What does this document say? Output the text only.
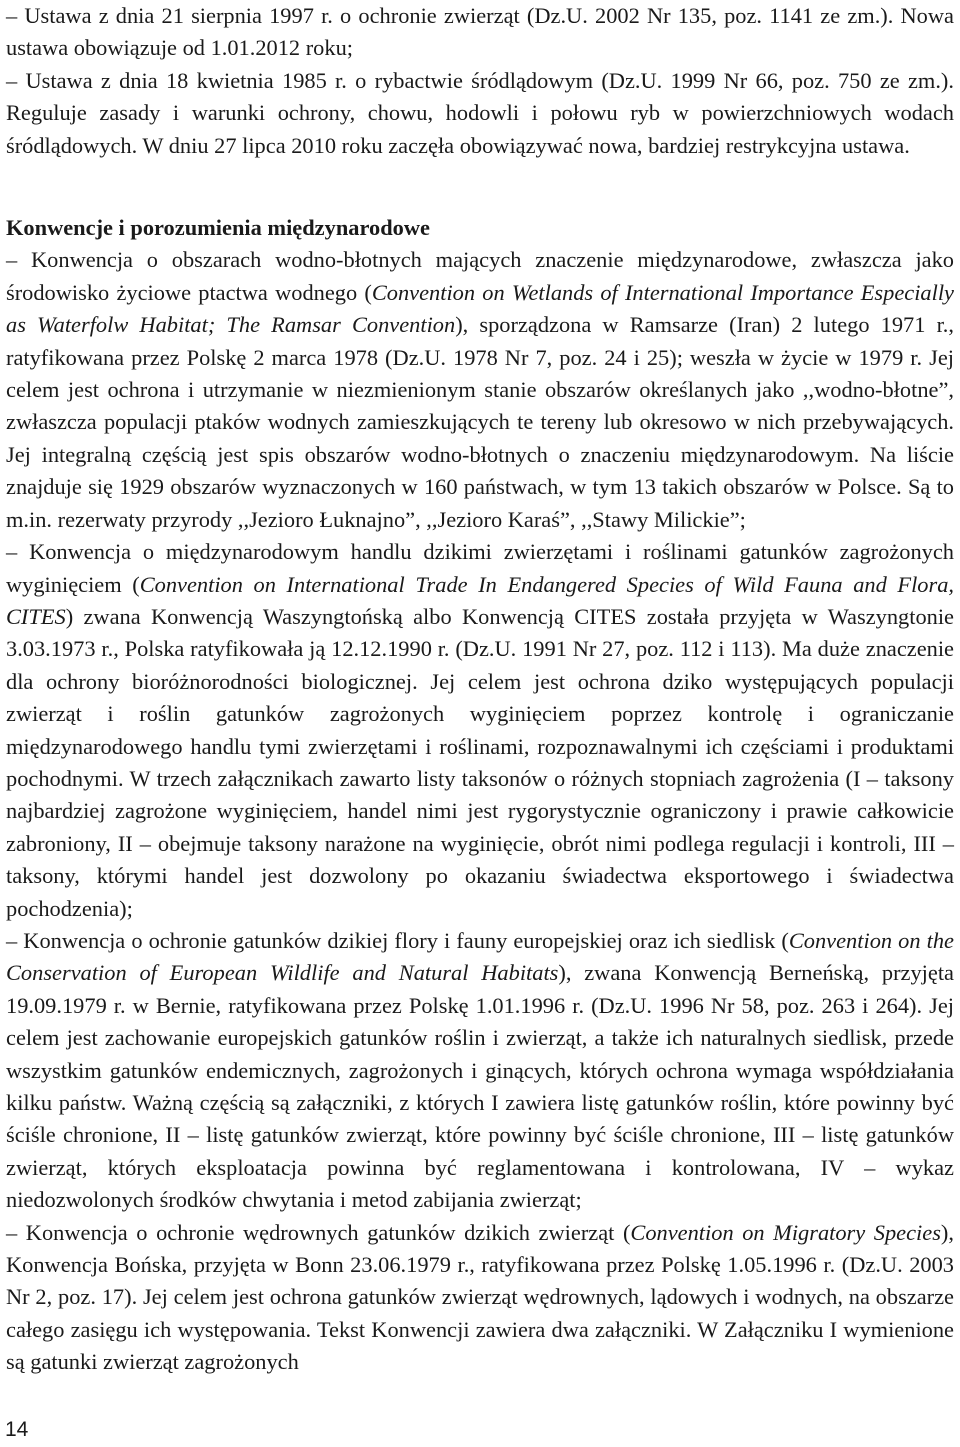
– Ustawa z dnia 21 sierpnia 1997 r. o ochronie zwierząt (Dz.U. 2002 Nr 135, poz. 1141 ze zm.). Nowa ustawa obowiązuje od 1.01.2012 roku;

– Ustawa z dnia 18 kwietnia 1985 r. o rybactwie śródlądowym (Dz.U. 1999 Nr 66, poz. 750 ze zm.). Reguluje zasady i warunki ochrony, chowu, hodowli i połowu ryb w powierzchniowych wodach śródlądowych. W dniu 27 lipca 2010 roku zaczęła obowiązywać nowa, bardziej restrykcyjna ustawa.

Konwencje i porozumienia międzynarodowe

– Konwencja o obszarach wodno-błotnych mających znaczenie międzynarodowe, zwłaszcza jako środowisko życiowe ptactwa wodnego (Convention on Wetlands of International Importance Especially as Waterfolw Habitat; The Ramsar Convention), sporządzona w Ramsarze (Iran) 2 lutego 1971 r., ratyfikowana przez Polskę 2 marca 1978 (Dz.U. 1978 Nr 7, poz. 24 i 25); weszła w życie w 1979 r. Jej celem jest ochrona i utrzymanie w niezmienionym stanie obszarów określanych jako ,,wodno-błotne”, zwłaszcza populacji ptaków wodnych zamieszkujących te tereny lub okresowo w nich przebywających. Jej integralną częścią jest spis obszarów wodno-błotnych o znaczeniu międzynarodowym. Na liście znajduje się 1929 obszarów wyznaczonych w 160 państwach, w tym 13 takich obszarów w Polsce. Są to m.in. rezerwaty przyrody ,,Jezioro Łuknajno”, ,,Jezioro Karaś”, ,,Stawy Milickie”;

– Konwencja o międzynarodowym handlu dzikimi zwierzętami i roślinami gatunków zagrożonych wyginięciem (Convention on International Trade In Endangered Species of Wild Fauna and Flora, CITES) zwana Konwencją Waszyngtońską albo Konwencją CITES została przyjęta w Waszyngtonie 3.03.1973 r., Polska ratyfikowała ją 12.12.1990 r. (Dz.U. 1991 Nr 27, poz. 112 i 113). Ma duże znaczenie dla ochrony bioróżnorodności biologicznej. Jej celem jest ochrona dziko występujących populacji zwierząt i roślin gatunków zagrożonych wyginięciem poprzez kontrolę i ograniczanie międzynarodowego handlu tymi zwierzętami i roślinami, rozpoznawalnymi ich częściami i produktami pochodnymi. W trzech załącznikach zawarto listy taksonów o różnych stopniach zagrożenia (I – taksony najbardziej zagrożone wyginięciem, handel nimi jest rygorystycznie ograniczony i prawie całkowicie zabroniony, II – obejmuje taksony narażone na wyginięcie, obrót nimi podlega regulacji i kontroli, III – taksony, którymi handel jest dozwolony po okazaniu świadectwa eksportowego i świadectwa pochodzenia);

– Konwencja o ochronie gatunków dzikiej flory i fauny europejskiej oraz ich siedlisk (Convention on the Conservation of European Wildlife and Natural Habitats), zwana Konwencją Berneńską, przyjęta 19.09.1979 r. w Bernie, ratyfikowana przez Polskę 1.01.1996 r. (Dz.U. 1996 Nr 58, poz. 263 i 264). Jej celem jest zachowanie europejskich gatunków roślin i zwierząt, a także ich naturalnych siedlisk, przede wszystkim gatunków endemicznych, zagrożonych i ginących, których ochrona wymaga współdziałania kilku państw. Ważną częścią są załączniki, z których I zawiera listę gatunków roślin, które powinny być ściśle chronione, II – listę gatunków zwierząt, które powinny być ściśle chronione, III – listę gatunków zwierząt, których eksploatacja powinna być reglamentowana i kontrolowana, IV – wykaz niedozwolonych środków chwytania i metod zabijania zwierząt;

– Konwencja o ochronie wędrownych gatunków dzikich zwierząt (Convention on Migratory Species), Konwencja Bońska, przyjęta w Bonn 23.06.1979 r., ratyfikowana przez Polskę 1.05.1996 r. (Dz.U. 2003 Nr 2, poz. 17). Jej celem jest ochrona gatunków zwierząt wędrownych, lądowych i wodnych, na obszarze całego zasięgu ich występowania. Tekst Konwencji zawiera dwa załączniki. W Załączniku I wymienione są gatunki zwierząt zagrożonych

14
